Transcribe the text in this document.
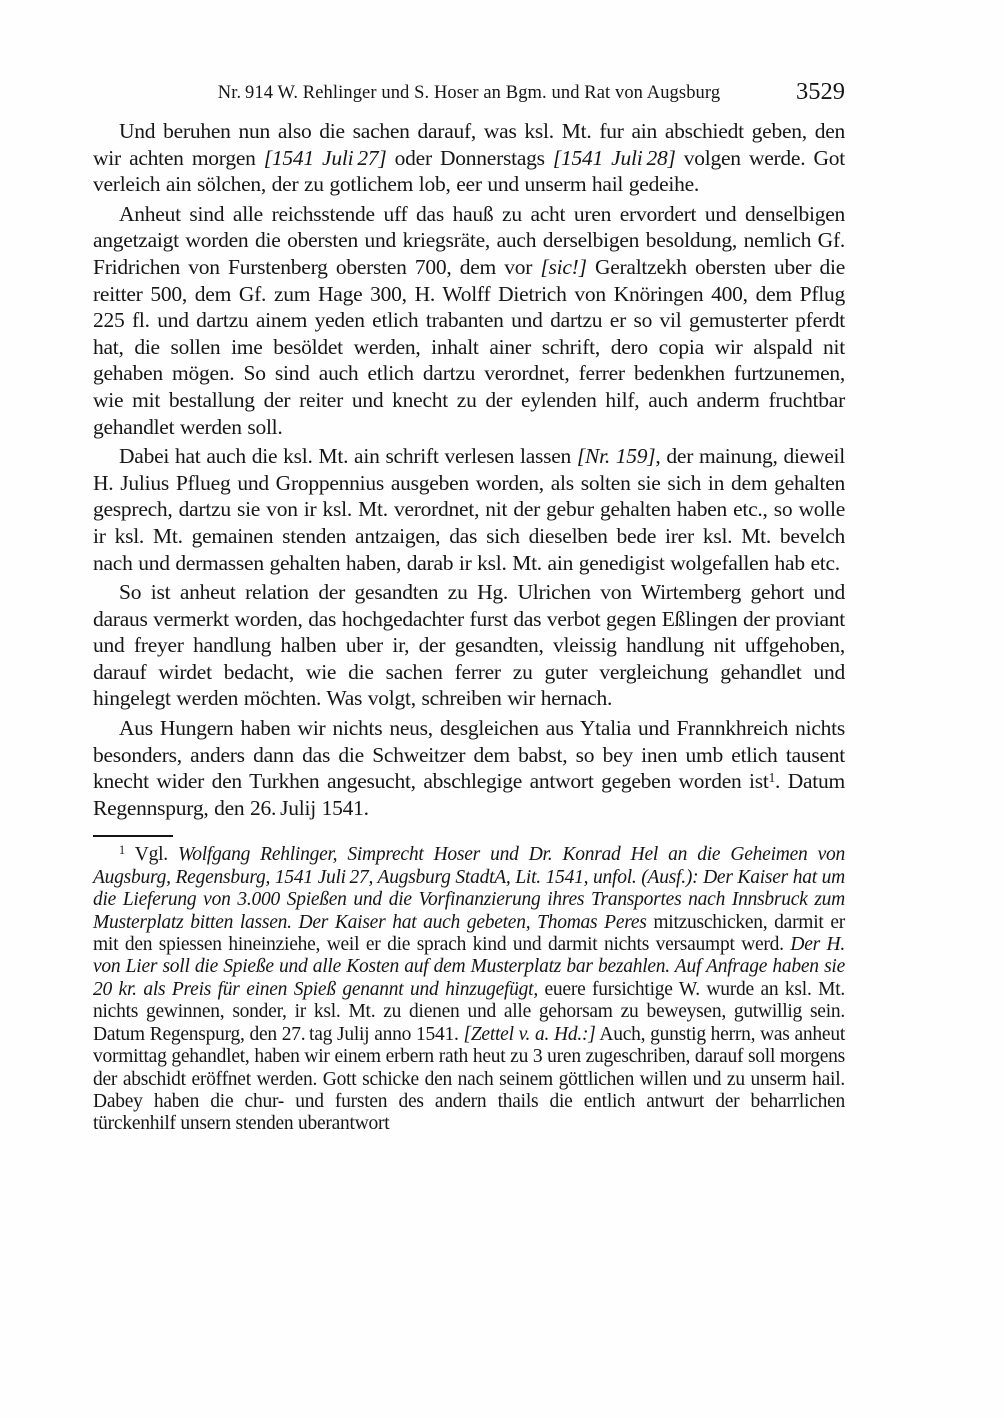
Nr. 914 W. Rehlinger und S. Hoser an Bgm. und Rat von Augsburg	3529

Und beruhen nun also die sachen darauf, was ksl. Mt. fur ain abschiedt geben, den wir achten morgen [1541 Juli 27] oder Donnerstags [1541 Juli 28] volgen werde. Got verleich ain sölchen, der zu gotlichem lob, eer und unserm hail gedeihe.

Anheut sind alle reichsstende uff das hauß zu acht uren ervordert und denselbigen angetzaigt worden die obersten und kriegsräte, auch derselbigen besoldung, nemlich Gf. Fridrichen von Furstenberg obersten 700, dem vor [sic!] Geraltzekh obersten uber die reitter 500, dem Gf. zum Hage 300, H. Wolff Dietrich von Knöringen 400, dem Pflug 225 fl. und dartzu ainem yeden etlich trabanten und dartzu er so vil gemusterter pferdt hat, die sollen ime besöldet werden, inhalt ainer schrift, dero copia wir alspald nit gehaben mögen. So sind auch etlich dartzu verordnet, ferrer bedenkhen furtzunemen, wie mit bestallung der reiter und knecht zu der eylenden hilf, auch anderm fruchtbar gehandlet werden soll.

Dabei hat auch die ksl. Mt. ain schrift verlesen lassen [Nr. 159], der mainung, dieweil H. Julius Pflueg und Groppennius ausgeben worden, als solten sie sich in dem gehalten gesprech, dartzu sie von ir ksl. Mt. verordnet, nit der gebur gehalten haben etc., so wolle ir ksl. Mt. gemainen stenden antzaigen, das sich dieselben bede irer ksl. Mt. bevelch nach und dermassen gehalten haben, darab ir ksl. Mt. ain genedigist wolgefallen hab etc.

So ist anheut relation der gesandten zu Hg. Ulrichen von Wirtemberg gehort und daraus vermerkt worden, das hochgedachter furst das verbot gegen Eßlingen der proviant und freyer handlung halben uber ir, der gesandten, vleissig handlung nit uffgehoben, darauf wirdet bedacht, wie die sachen ferrer zu guter vergleichung gehandlet und hingelegt werden möchten. Was volgt, schreiben wir hernach.

Aus Hungern haben wir nichts neus, desgleichen aus Ytalia und Frannkhreich nichts besonders, anders dann das die Schweitzer dem babst, so bey inen umb etlich tausent knecht wider den Turkhen angesucht, abschlegige antwort gegeben worden ist$^1$. Datum Regennspurg, den 26. Julij 1541.

$^1$ Vgl. Wolfgang Rehlinger, Simprecht Hoser und Dr. Konrad Hel an die Geheimen von Augsburg, Regensburg, 1541 Juli 27, Augsburg StadtA, Lit. 1541, unfol. (Ausf.): Der Kaiser hat um die Lieferung von 3.000 Spießen und die Vorfinanzierung ihres Transportes nach Innsbruck zum Musterplatz bitten lassen. Der Kaiser hat auch gebeten, Thomas Peres mitzuschicken, darmit er mit den spiessen hineinziehe, weil er die sprach kind und darmit nichts versaumpt werd. Der H. von Lier soll die Spieße und alle Kosten auf dem Musterplatz bar bezahlen. Auf Anfrage haben sie 20 kr. als Preis für einen Spieß genannt und hinzugefügt, euere fursichtige W. wurde an ksl. Mt. nichts gewinnen, sonder, ir ksl. Mt. zu dienen und alle gehorsam zu beweysen, gutwillig sein. Datum Regenspurg, den 27. tag Julij anno 1541. [Zettel v. a. Hd.:] Auch, gunstig herrn, was anheut vormittag gehandlet, haben wir einem erbern rath heut zu 3 uren zugeschriben, darauf soll morgens der abschidt eröffnet werden. Gott schicke den nach seinem göttlichen willen und zu unserm hail. Dabey haben die chur- und fursten des andern thails die entlich antwurt der beharrlichen türckenhilf unsern stenden uberantwort
